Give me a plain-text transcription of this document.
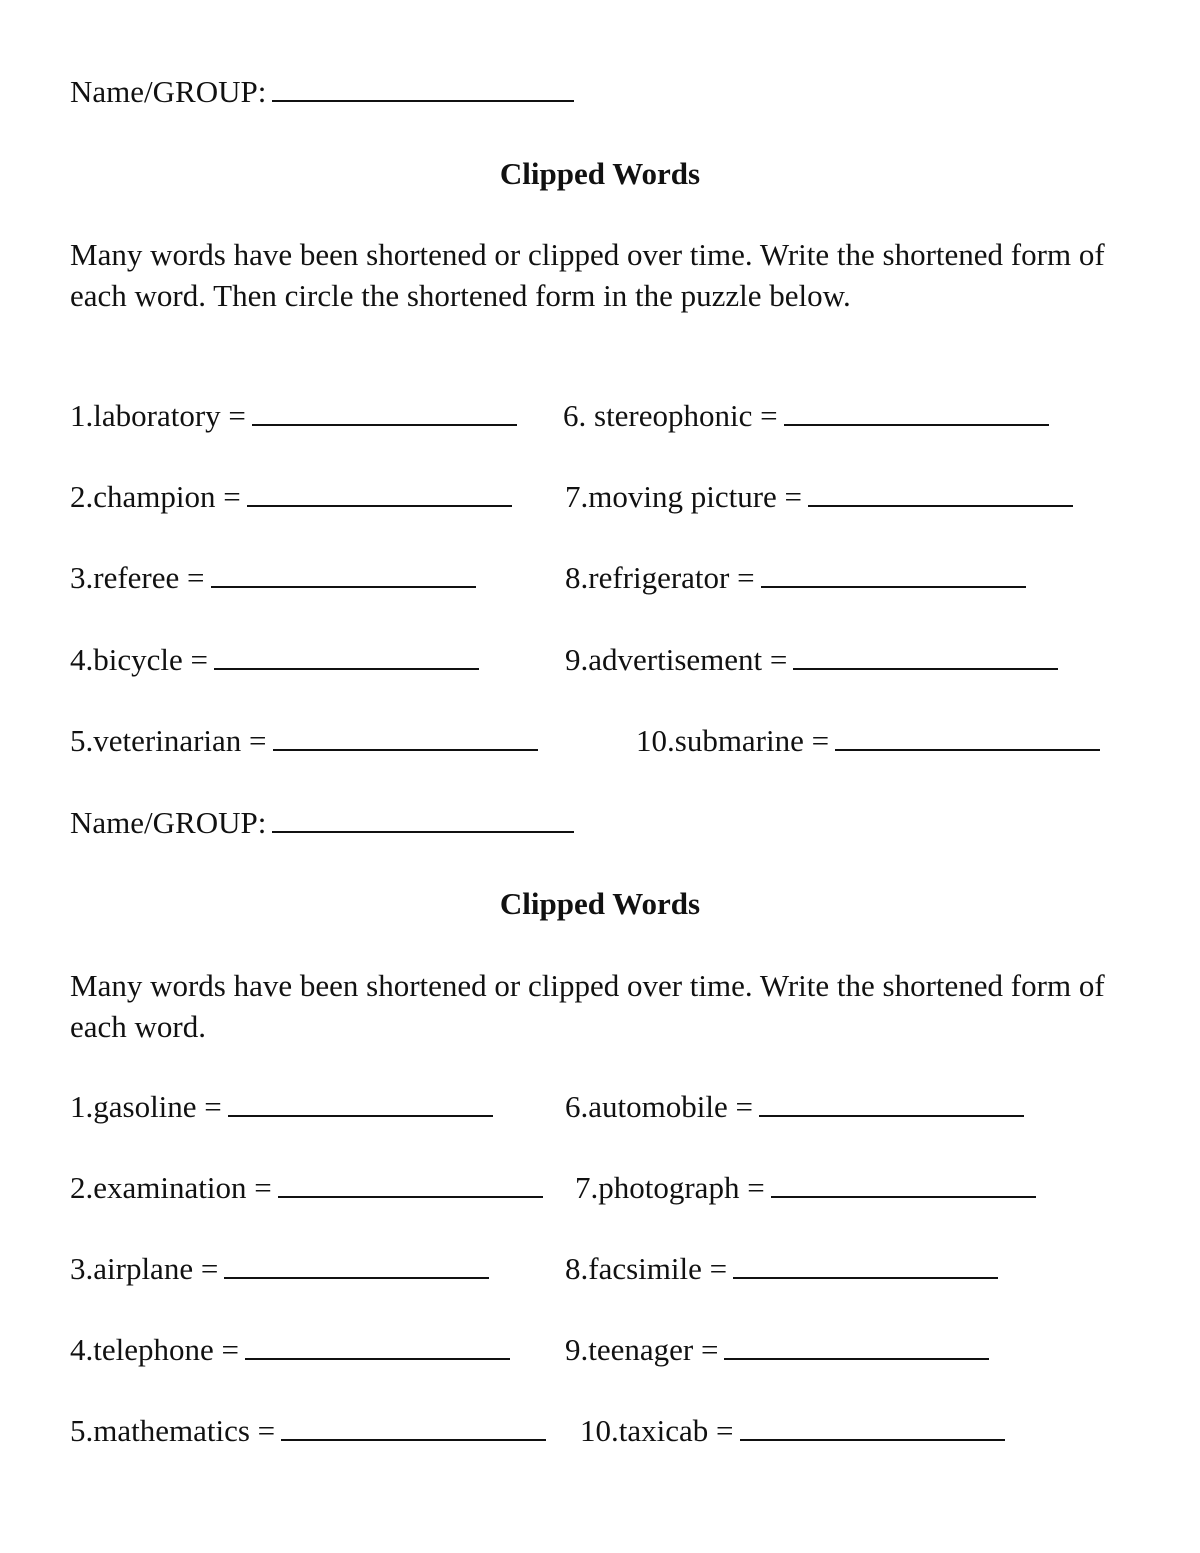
Name/GROUP:
Clipped Words
Many words have been shortened or clipped over time. Write the shortened form of each word. Then circle the shortened form in the puzzle below.
1.laboratory =
2.champion =
3.referee =
4.bicycle =
5.veterinarian =
6. stereophonic =
7.moving picture =
8.refrigerator =
9.advertisement =
10.submarine =
Name/GROUP:
Clipped Words
Many words have been shortened or clipped over time. Write the shortened form of each word.
1.gasoline =
2.examination =
3.airplane =
4.telephone =
5.mathematics =
6.automobile =
7.photograph =
8.facsimile =
9.teenager =
10.taxicab =
